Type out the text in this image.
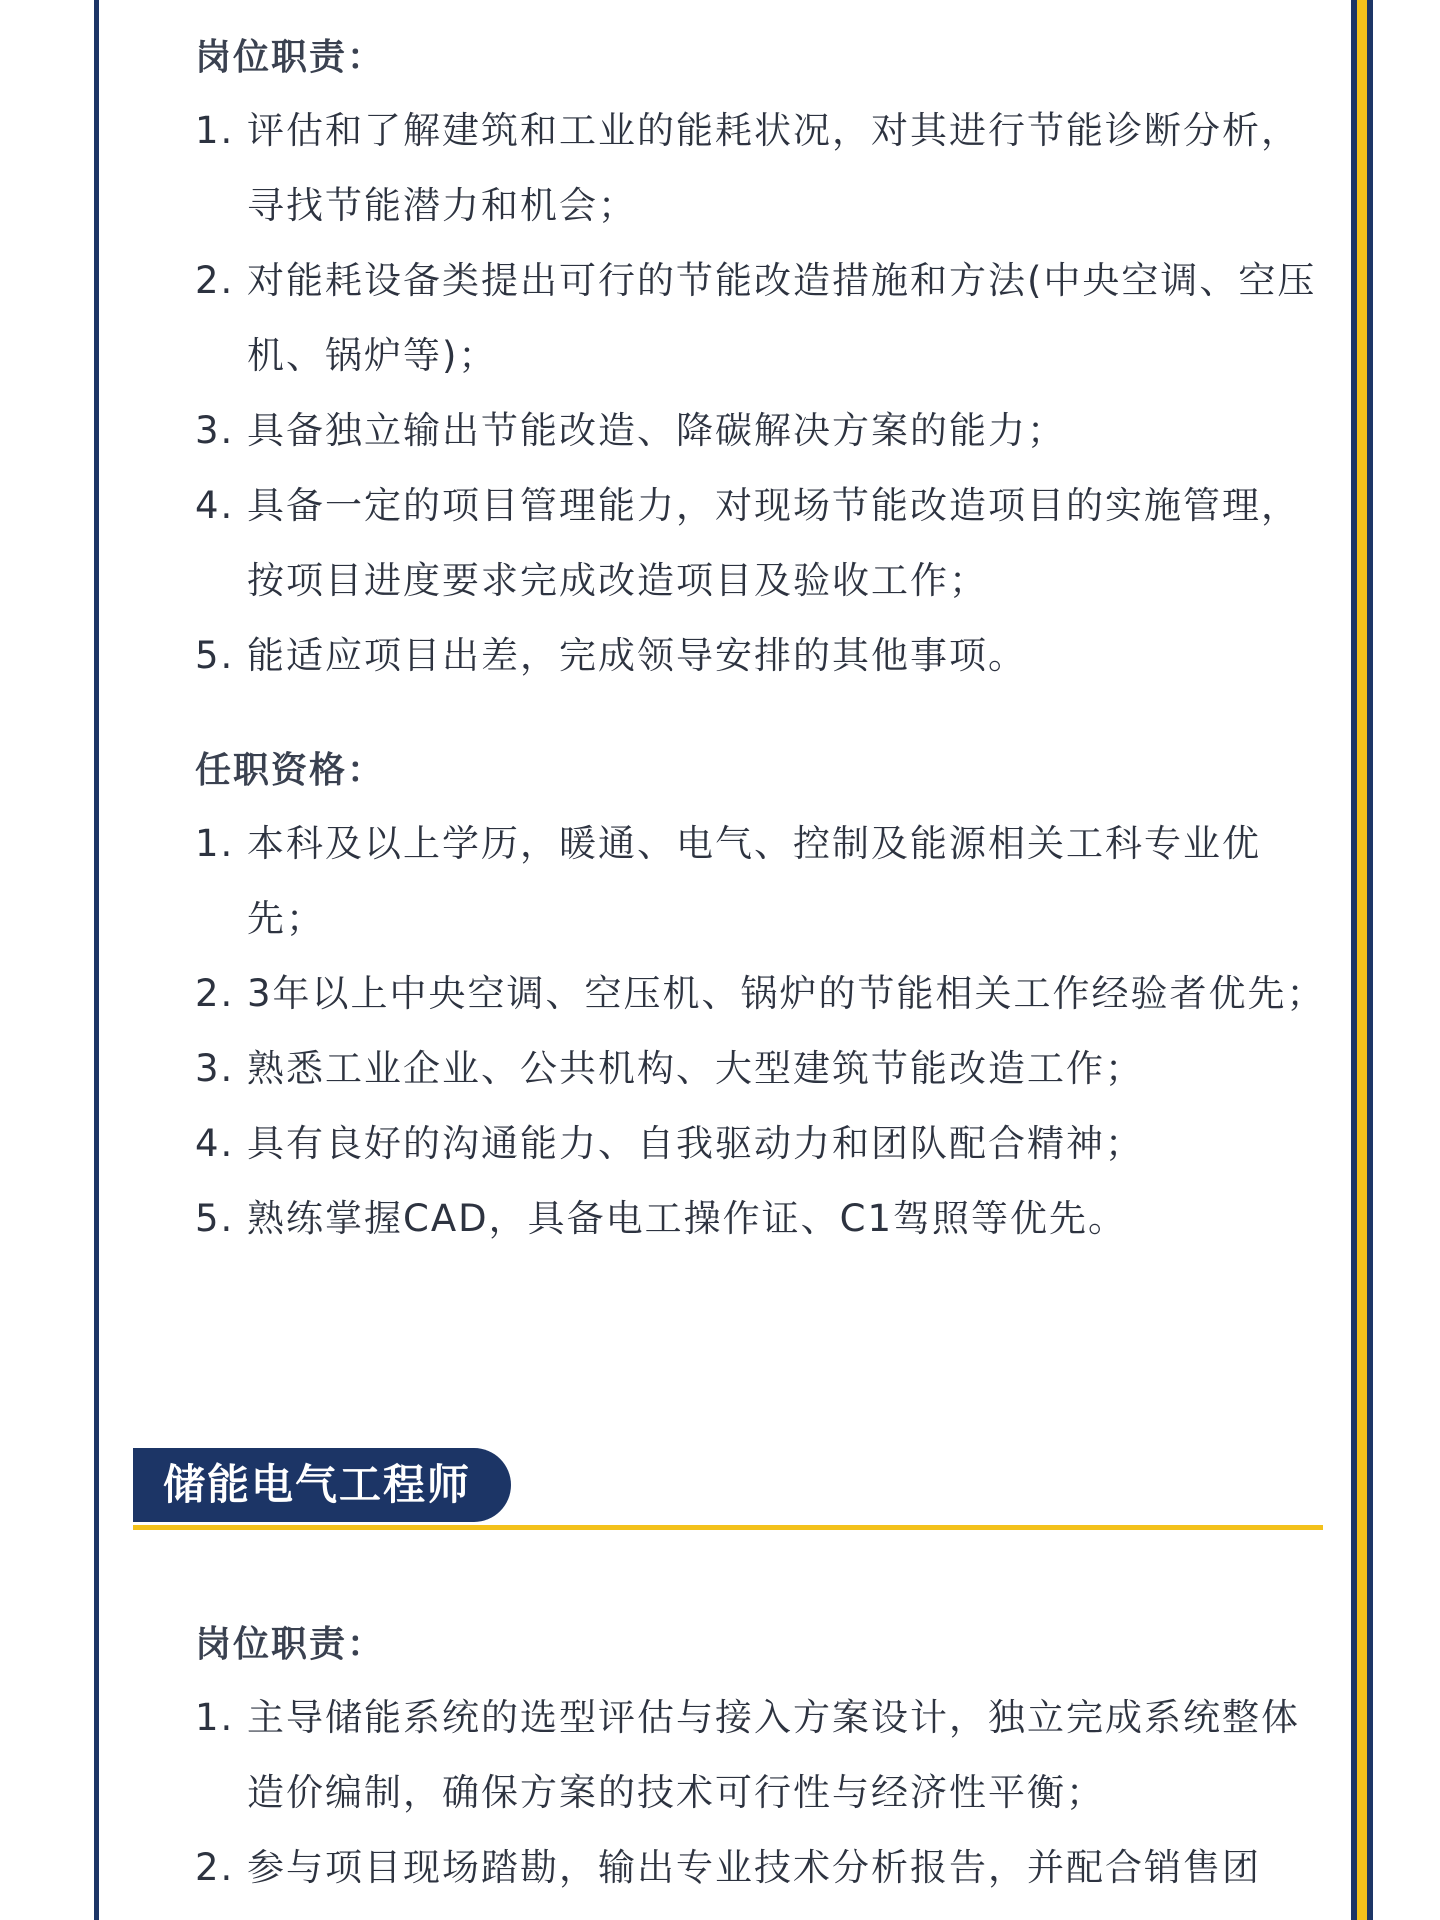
岗位职责：
1. 评估和了解建筑和工业的能耗状况，对其进行节能诊断分析，寻找节能潜力和机会；
2. 对能耗设备类提出可行的节能改造措施和方法(中央空调、空压机、锅炉等)；
3. 具备独立输出节能改造、降碳解决方案的能力；
4. 具备一定的项目管理能力，对现场节能改造项目的实施管理，按项目进度要求完成改造项目及验收工作；
5. 能适应项目出差，完成领导安排的其他事项。
任职资格：
1. 本科及以上学历，暖通、电气、控制及能源相关工科专业优先；
2. 3年以上中央空调、空压机、锅炉的节能相关工作经验者优先；
3. 熟悉工业企业、公共机构、大型建筑节能改造工作；
4. 具有良好的沟通能力、自我驱动力和团队配合精神；
5. 熟练掌握CAD，具备电工操作证、C1驾照等优先。
岗位职责：
1. 主导储能系统的选型评估与接入方案设计，独立完成系统整体造价编制，确保方案的技术可行性与经济性平衡；
2. 参与项目现场踏勘，输出专业技术分析报告，并配合销售团
储能电气工程师
